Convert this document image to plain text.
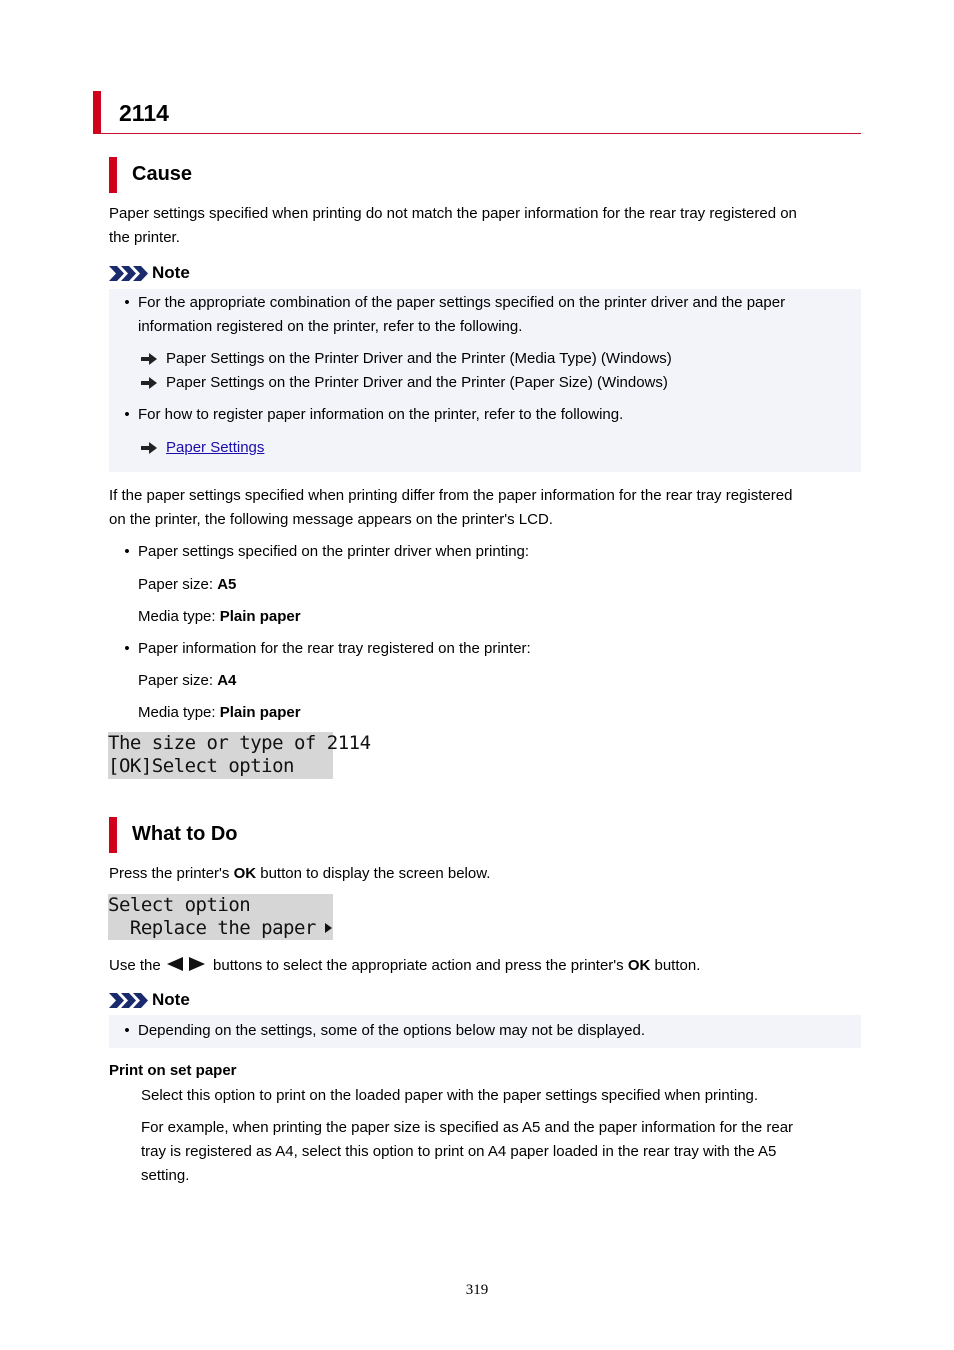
2114
Cause
Paper settings specified when printing do not match the paper information for the rear tray registered on
the printer.
Note
• For the appropriate combination of the paper settings specified on the printer driver and the paper
information registered on the printer, refer to the following.
Paper Settings on the Printer Driver and the Printer (Media Type) (Windows)
Paper Settings on the Printer Driver and the Printer (Paper Size) (Windows)
• For how to register paper information on the printer, refer to the following.
Paper Settings
If the paper settings specified when printing differ from the paper information for the rear tray registered
on the printer, the following message appears on the printer's LCD.
• Paper settings specified on the printer driver when printing:
Paper size: A5
Media type: Plain paper
• Paper information for the rear tray registered on the printer:
Paper size: A4
Media type: Plain paper
The size or type of 2114
[OK]Select option
What to Do
Press the printer's OK button to display the screen below.
Select option
Replace the paper
Use the	buttons to select the appropriate action and press the printer's OK button.
Note
• Depending on the settings, some of the options below may not be displayed.
Print on set paper
Select this option to print on the loaded paper with the paper settings specified when printing.
For example, when printing the paper size is specified as A5 and the paper information for the rear
tray is registered as A4, select this option to print on A4 paper loaded in the rear tray with the A5
setting.
319
